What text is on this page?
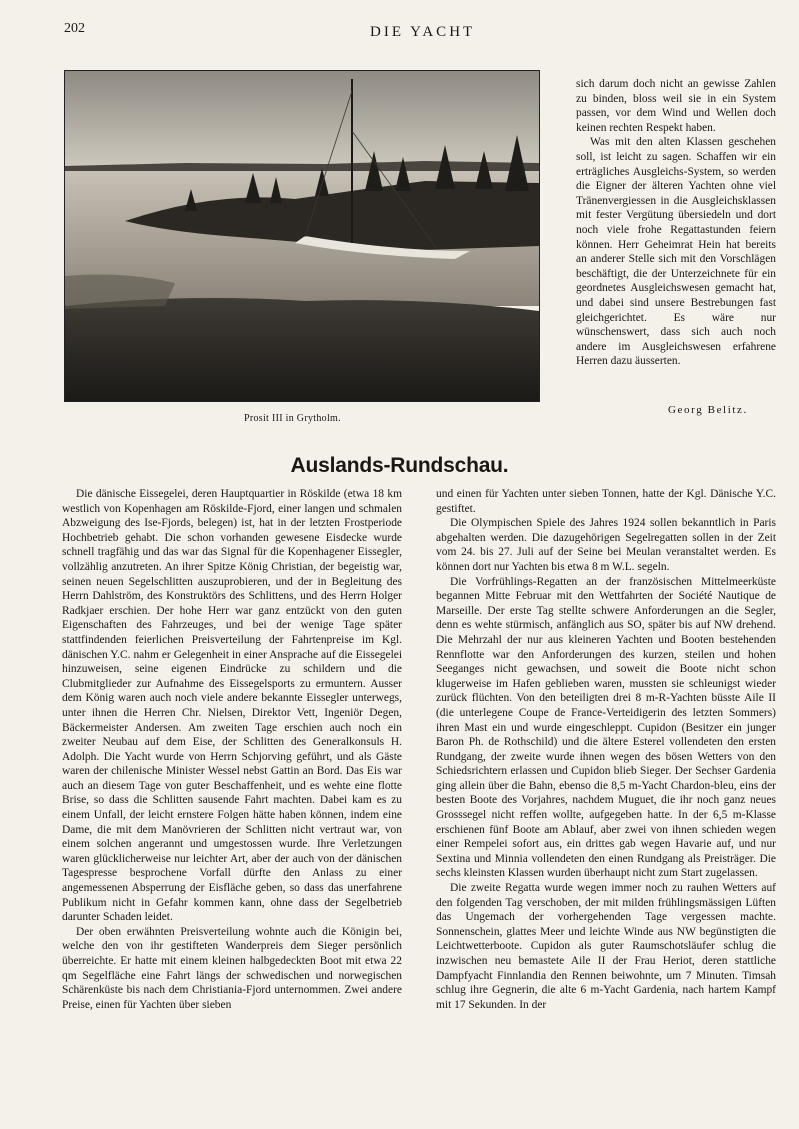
202	DIE YACHT
Prosit III in Grytholm.

sich darum doch nicht an gewisse Zahlen zu binden, bloss weil sie in ein System passen, vor dem Wind und Wellen doch keinen rechten Respekt haben.

Was mit den alten Klassen geschehen soll, ist leicht zu sagen. Schaffen wir ein erträgliches Ausgleichs-System, so werden die Eigner der älteren Yachten ohne viel Tränenvergiessen in die Ausgleichsklassen mit fester Vergütung übersiedeln und dort noch viele frohe Regattastunden feiern können. Herr Geheimrat Hein hat bereits an anderer Stelle sich mit den Vorschlägen beschäftigt, die der Unterzeichnete für ein geordnetes Ausgleichswesen gemacht hat, und dabei sind unsere Bestrebungen fast gleichgerichtet. Es wäre nur wünschenswert, dass sich auch noch andere im Ausgleichswesen erfahrene Herren dazu äusserten.

Georg Belitz.
Auslands-Rundschau.

Die dänische Eissegelei, deren Hauptquartier in Röskilde (etwa 18 km westlich von Kopenhagen am Röskilde-Fjord, einer langen und schmalen Abzweigung des Ise-Fjords, belegen) ist, hat in der letzten Frostperiode Hochbetrieb gehabt. Die schon vorhanden gewesene Eisdecke wurde schnell tragfähig und das war das Signal für die Kopenhagener Eissegler, vollzählig anzutreten. An ihrer Spitze König Christian, der begeistig war, seinen neuen Segelschlitten auszuprobieren, und der in Begleitung des Herrn Dahlström, des Konstruktörs des Schlittens, und des Herrn Holger Radkjaer erschien. Der hohe Herr war ganz entzückt von den guten Eigenschaften des Fahrzeuges, und bei der wenige Tage später stattfindenden feierlichen Preisverteilung der Fahrtenpreise im Kgl. dänischen Y.C. nahm er Gelegenheit in einer Ansprache auf die Eissegelei hinzuweisen, seine eigenen Eindrücke zu schildern und die Clubmitglieder zur Aufnahme des Eissegelsports zu ermuntern. Ausser dem König waren auch noch viele andere bekannte Eissegler unterwegs, unter ihnen die Herren Chr. Nielsen, Direktor Vett, Ingeniör Degen, Bäckermeister Andersen. Am zweiten Tage erschien auch noch ein zweiter Neubau auf dem Eise, der Schlitten des Generalkonsuls H. Adolph. Die Yacht wurde von Herrn Schjorving geführt, und als Gäste waren der chilenische Minister Wessel nebst Gattin an Bord. Das Eis war auch an diesem Tage von guter Beschaffenheit, und es wehte eine flotte Brise, so dass die Schlitten sausende Fahrt machten. Dabei kam es zu einem Unfall, der leicht ernstere Folgen hätte haben können, indem eine Dame, die mit dem Manövrieren der Schlitten nicht vertraut war, von einem solchen angerannt und umgestossen wurde. Ihre Verletzungen waren glücklicherweise nur leichter Art, aber der auch von der dänischen Tagespresse besprochene Vorfall dürfte den Anlass zu einer angemessenen Absperrung der Eisfläche geben, so dass das unerfahrene Publikum nicht in Gefahr kommen kann, ohne dass der Segelbetrieb darunter Schaden leidet.

Der oben erwähnten Preisverteilung wohnte auch die Königin bei, welche den von ihr gestifteten Wanderpreis dem Sieger persönlich überreichte. Er hatte mit einem kleinen halbgedeckten Boot mit etwa 22 qm Segelfläche eine Fahrt längs der schwedischen und norwegischen Schärenküste bis nach dem Christiania-Fjord unternommen. Zwei andere Preise, einen für Yachten über sieben

und einen für Yachten unter sieben Tonnen, hatte der Kgl. Dänische Y.C. gestiftet.

Die Olympischen Spiele des Jahres 1924 sollen bekanntlich in Paris abgehalten werden. Die dazugehörigen Segelregatten sollen in der Zeit vom 24. bis 27. Juli auf der Seine bei Meulan veranstaltet werden. Es können dort nur Yachten bis etwa 8 m W.L. segeln.

Die Vorfrühlings-Regatten an der französischen Mittelmeerküste begannen Mitte Februar mit den Wettfahrten der Société Nautique de Marseille. Der erste Tag stellte schwere Anforderungen an die Segler, denn es wehte stürmisch, anfänglich aus SO, später bis auf NW drehend. Die Mehrzahl der nur aus kleineren Yachten und Booten bestehenden Rennflotte war den Anforderungen des kurzen, steilen und hohen Seeganges nicht gewachsen, und soweit die Boote nicht schon klugerweise im Hafen geblieben waren, mussten sie schleunigst wieder zurück flüchten. Von den beteiligten drei 8 m-R-Yachten büsste Aile II (die unterlegene Coupe de France-Verteidigerin des letzten Sommers) ihren Mast ein und wurde eingeschleppt. Cupidon (Besitzer ein junger Baron Ph. de Rothschild) und die ältere Esterel vollendeten den ersten Rundgang, der zweite wurde ihnen wegen des bösen Wetters von den Schiedsrichtern erlassen und Cupidon blieb Sieger. Der Sechser Gardenia ging allein über die Bahn, ebenso die 8,5 m-Yacht Chardon-bleu, eins der besten Boote des Vorjahres, nachdem Muguet, die ihr noch ganz neues Grosssegel nicht reffen wollte, aufgegeben hatte. In der 6,5 m-Klasse erschienen fünf Boote am Ablauf, aber zwei von ihnen schieden wegen einer Rempelei sofort aus, ein drittes gab wegen Havarie auf, und nur Sextina und Minnia vollendeten den einen Rundgang als Preisträger. Die sechs kleinsten Klassen wurden überhaupt nicht zum Start zugelassen.

Die zweite Regatta wurde wegen immer noch zu rauhen Wetters auf den folgenden Tag verschoben, der mit milden frühlingsmässigen Lüften das Ungemach der vorhergehenden Tage vergessen machte. Sonnenschein, glattes Meer und leichte Winde aus NW begünstigten die Leichtwetterboote. Cupidon als guter Raumschotsläufer schlug die inzwischen neu bemastete Aile II der Frau Heriot, deren stattliche Dampfyacht Finnlandia den Rennen beiwohnte, um 7 Minuten. Timsah schlug ihre Gegnerin, die alte 6 m-Yacht Gardenia, nach hartem Kampf mit 17 Sekunden. In der
